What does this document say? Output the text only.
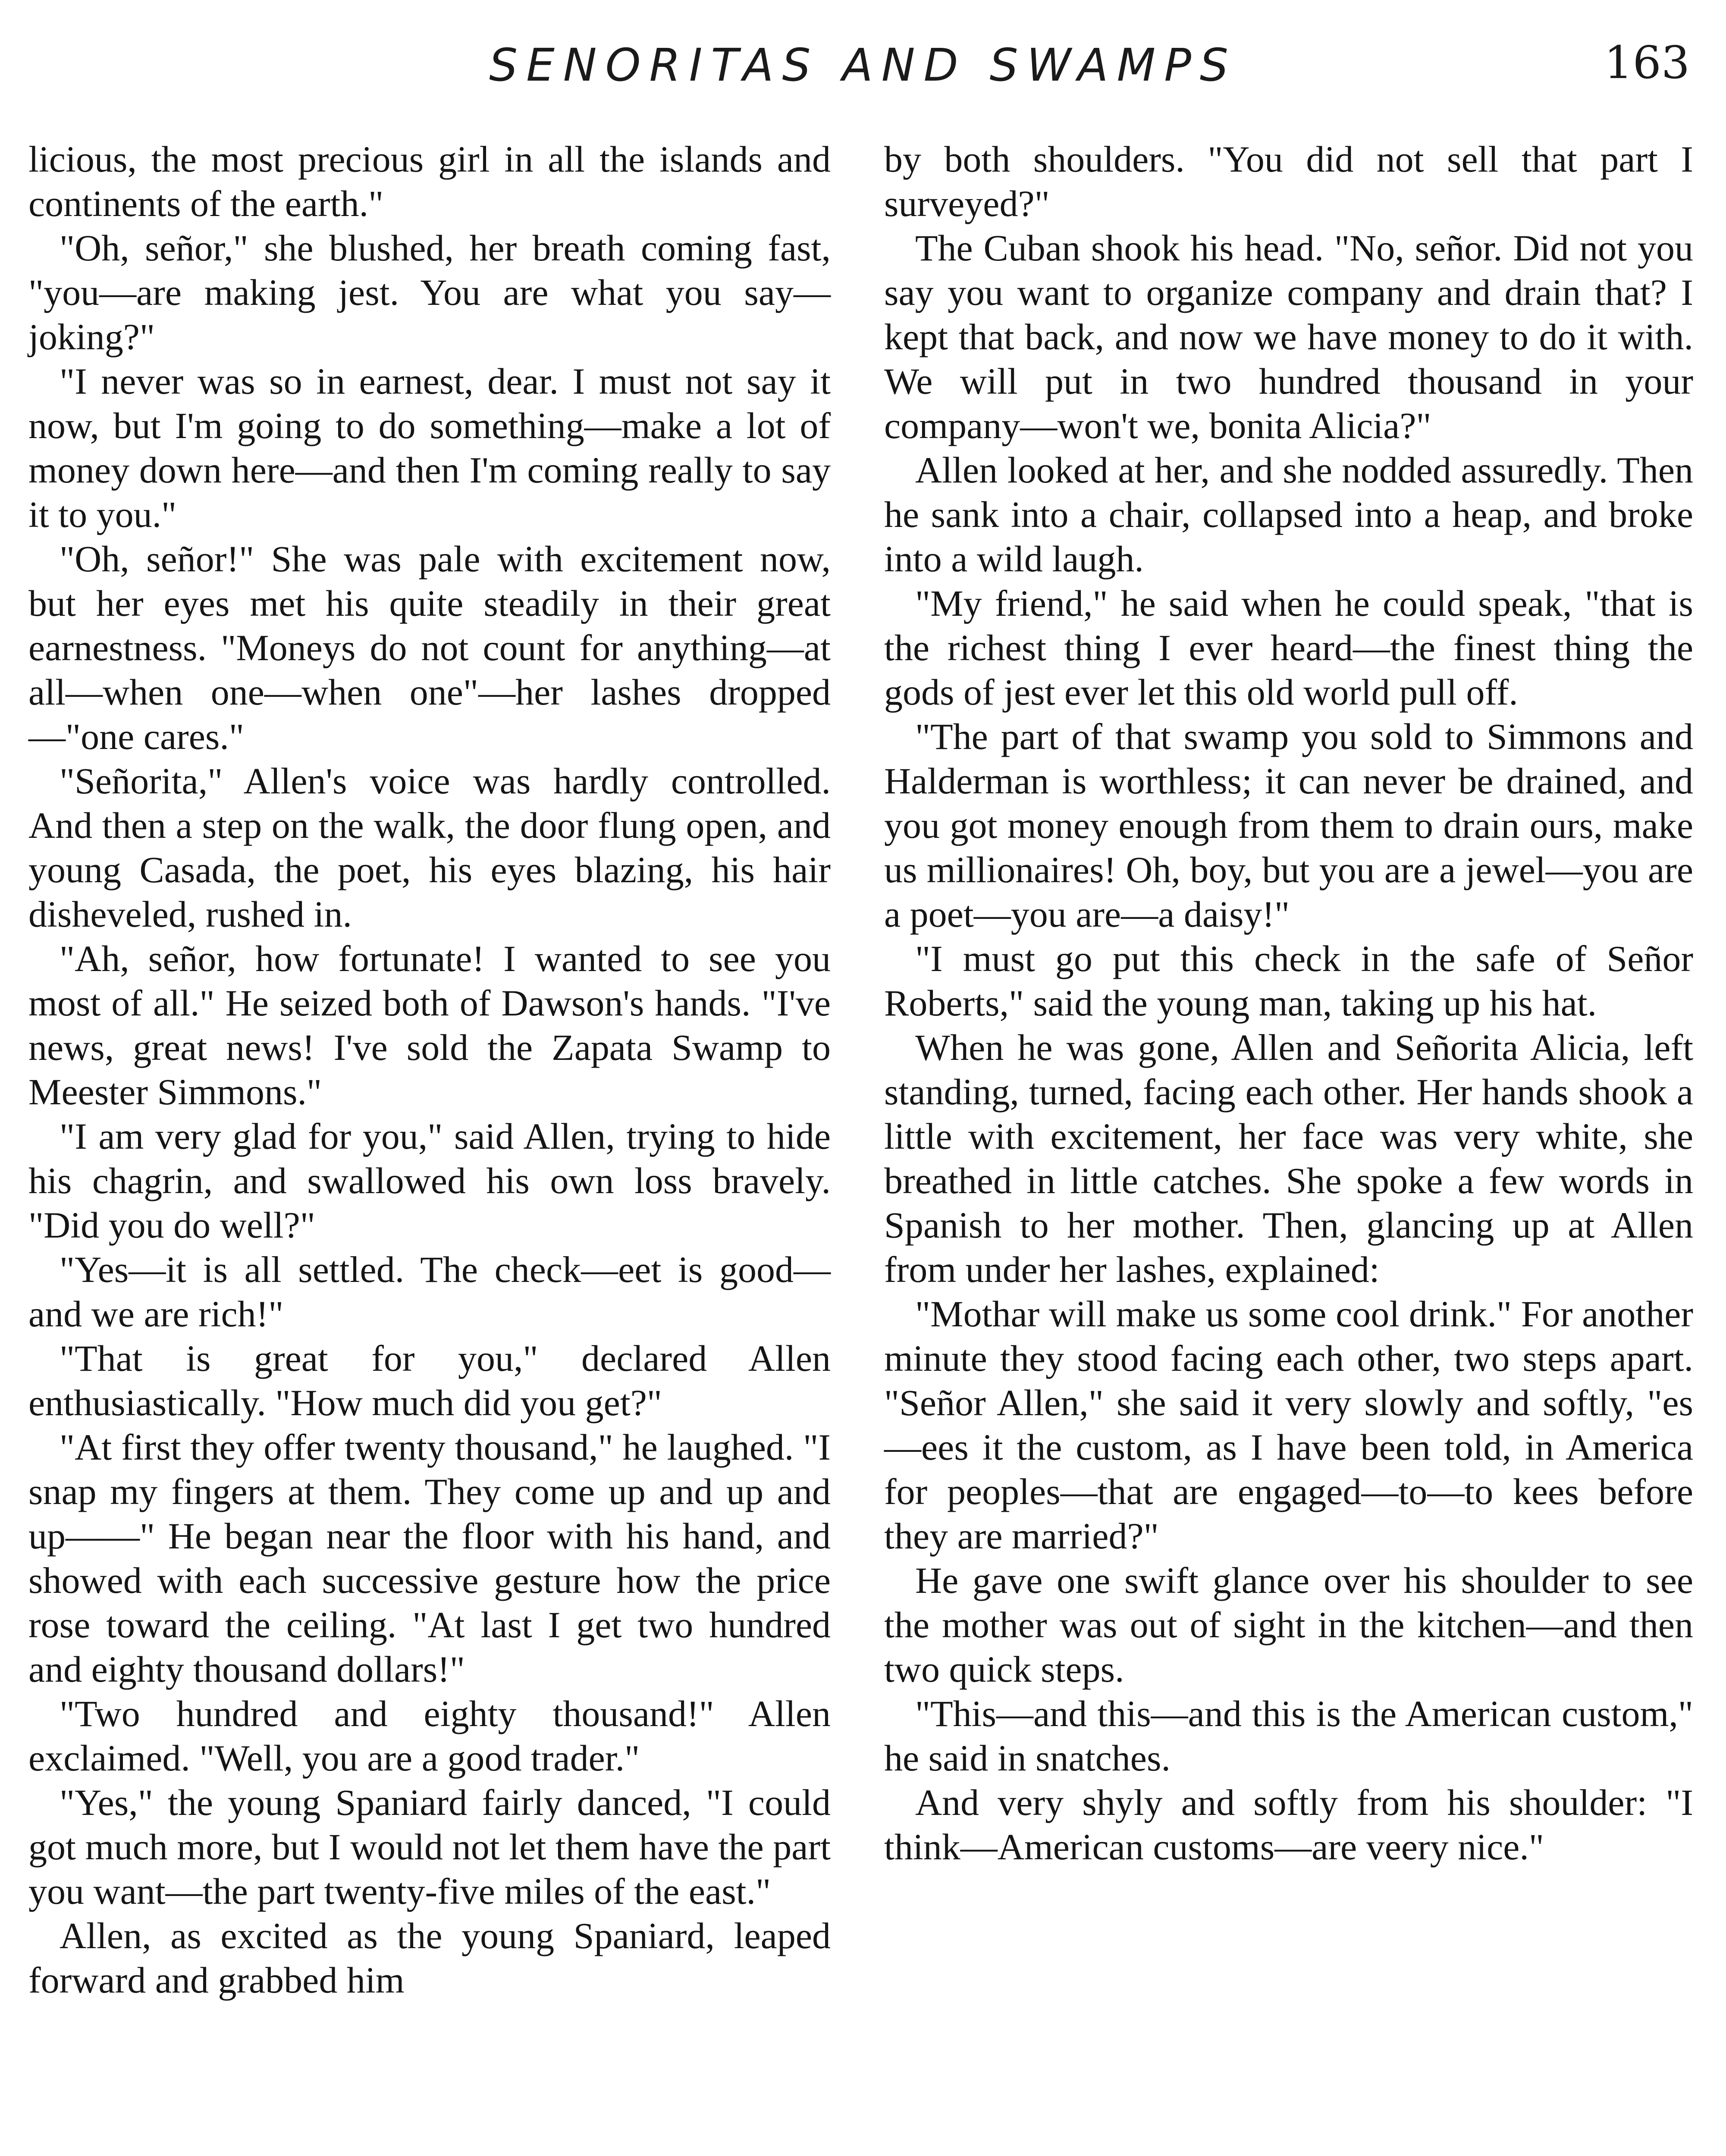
SENORITAS AND SWAMPS	163

licious, the most precious girl in all the islands and continents of the earth."

"Oh, señor," she blushed, her breath coming fast, "you—are making jest. You are what you say—joking?"

"I never was so in earnest, dear. I must not say it now, but I'm going to do something—make a lot of money down here—and then I'm coming really to say it to you."

"Oh, señor!" She was pale with excitement now, but her eyes met his quite steadily in their great earnestness. "Moneys do not count for anything—at all—when one—when one"—her lashes dropped—"one cares."

"Señorita," Allen's voice was hardly controlled. And then a step on the walk, the door flung open, and young Casada, the poet, his eyes blazing, his hair disheveled, rushed in.

"Ah, señor, how fortunate! I wanted to see you most of all." He seized both of Dawson's hands. "I've news, great news! I've sold the Zapata Swamp to Meester Simmons."

"I am very glad for you," said Allen, trying to hide his chagrin, and swallowed his own loss bravely. "Did you do well?"

"Yes—it is all settled. The check—eet is good—and we are rich!"

"That is great for you," declared Allen enthusiastically. "How much did you get?"

"At first they offer twenty thousand," he laughed. "I snap my fingers at them. They come up and up and up——" He began near the floor with his hand, and showed with each successive gesture how the price rose toward the ceiling. "At last I get two hundred and eighty thousand dollars!"

"Two hundred and eighty thousand!" Allen exclaimed. "Well, you are a good trader."

"Yes," the young Spaniard fairly danced, "I could got much more, but I would not let them have the part you want—the part twenty-five miles of the east."

Allen, as excited as the young Spaniard, leaped forward and grabbed him

by both shoulders. "You did not sell that part I surveyed?"

The Cuban shook his head. "No, señor. Did not you say you want to organize company and drain that? I kept that back, and now we have money to do it with. We will put in two hundred thousand in your company—won't we, bonita Alicia?"

Allen looked at her, and she nodded assuredly. Then he sank into a chair, collapsed into a heap, and broke into a wild laugh.

"My friend," he said when he could speak, "that is the richest thing I ever heard—the finest thing the gods of jest ever let this old world pull off.

"The part of that swamp you sold to Simmons and Halderman is worthless; it can never be drained, and you got money enough from them to drain ours, make us millionaires! Oh, boy, but you are a jewel—you are a poet—you are—a daisy!"

"I must go put this check in the safe of Señor Roberts," said the young man, taking up his hat.

When he was gone, Allen and Señorita Alicia, left standing, turned, facing each other. Her hands shook a little with excitement, her face was very white, she breathed in little catches. She spoke a few words in Spanish to her mother. Then, glancing up at Allen from under her lashes, explained:

"Mothar will make us some cool drink." For another minute they stood facing each other, two steps apart. "Señor Allen," she said it very slowly and softly, "es—ees it the custom, as I have been told, in America for peoples—that are engaged—to—to kees before they are married?"

He gave one swift glance over his shoulder to see the mother was out of sight in the kitchen—and then two quick steps.

"This—and this—and this is the American custom," he said in snatches.

And very shyly and softly from his shoulder: "I think—American customs—are veery nice."
